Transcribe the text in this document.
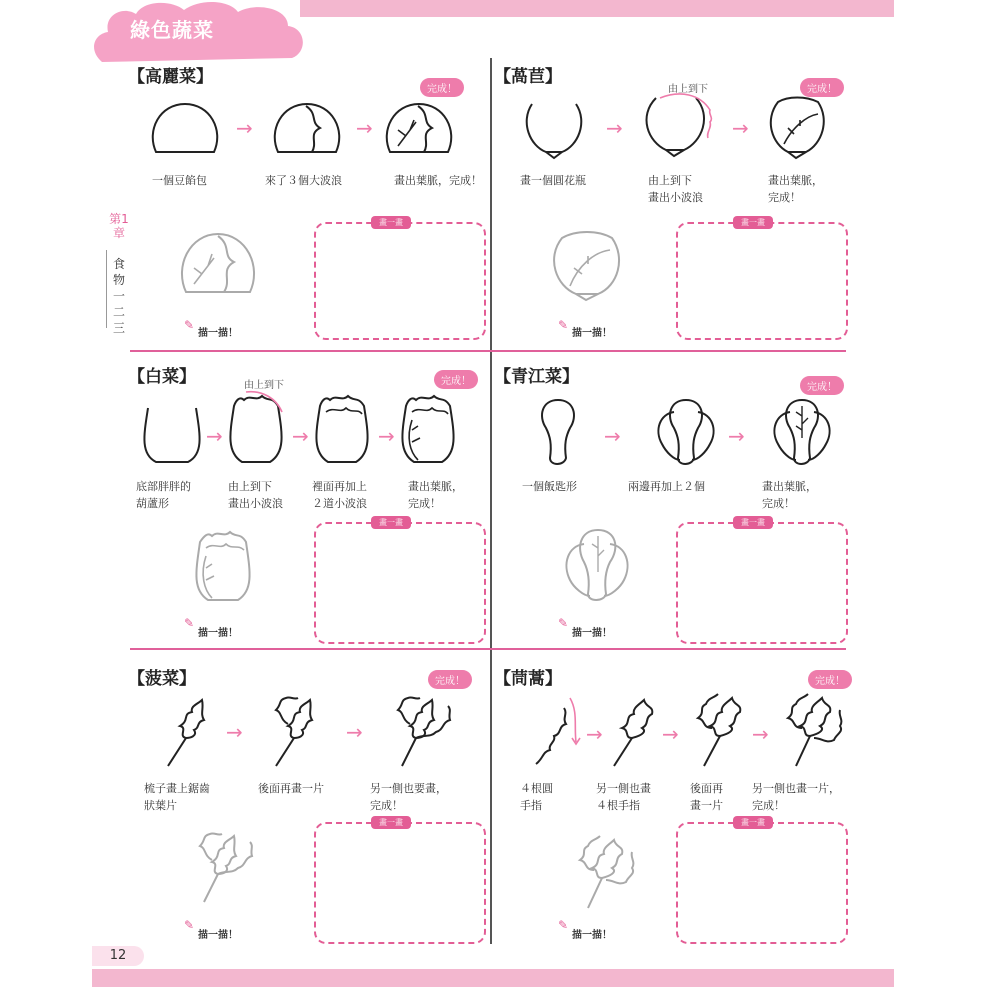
綠色蔬菜
12
第1章
食物一二三
【高麗菜】
→	→
完成！
一個豆餡包	來了３個大波浪	畫出葉脈，完成！
✎
描一描！
畫一畫
【萵苣】
→
由上到下
→
完成！
畫一個圓花瓶	由上到下
畫出小波浪
畫出葉脈，
完成！
✎
描一描！
畫一畫
【白菜】
→
由上到下
→	→
完成！
底部胖胖的
葫蘆形
由上到下
畫出小波浪
裡面再加上
２道小波浪
畫出葉脈，
完成！
✎
描一描！
畫一畫
【青江菜】
→	→
完成！
一個飯匙形	兩邊再加上２個	畫出葉脈，
完成！
✎
描一描！
畫一畫
【菠菜】
→	→
完成！
梳子畫上鋸齒
狀葉片
後面再畫一片	另一側也要畫，
完成！
✎
描一描！
畫一畫
【茼蒿】
→	→	→
完成！
４根圓
手指
另一側也畫
４根手指
後面再
畫一片
另一側也畫一片，
完成！
✎
描一描！
畫一畫
